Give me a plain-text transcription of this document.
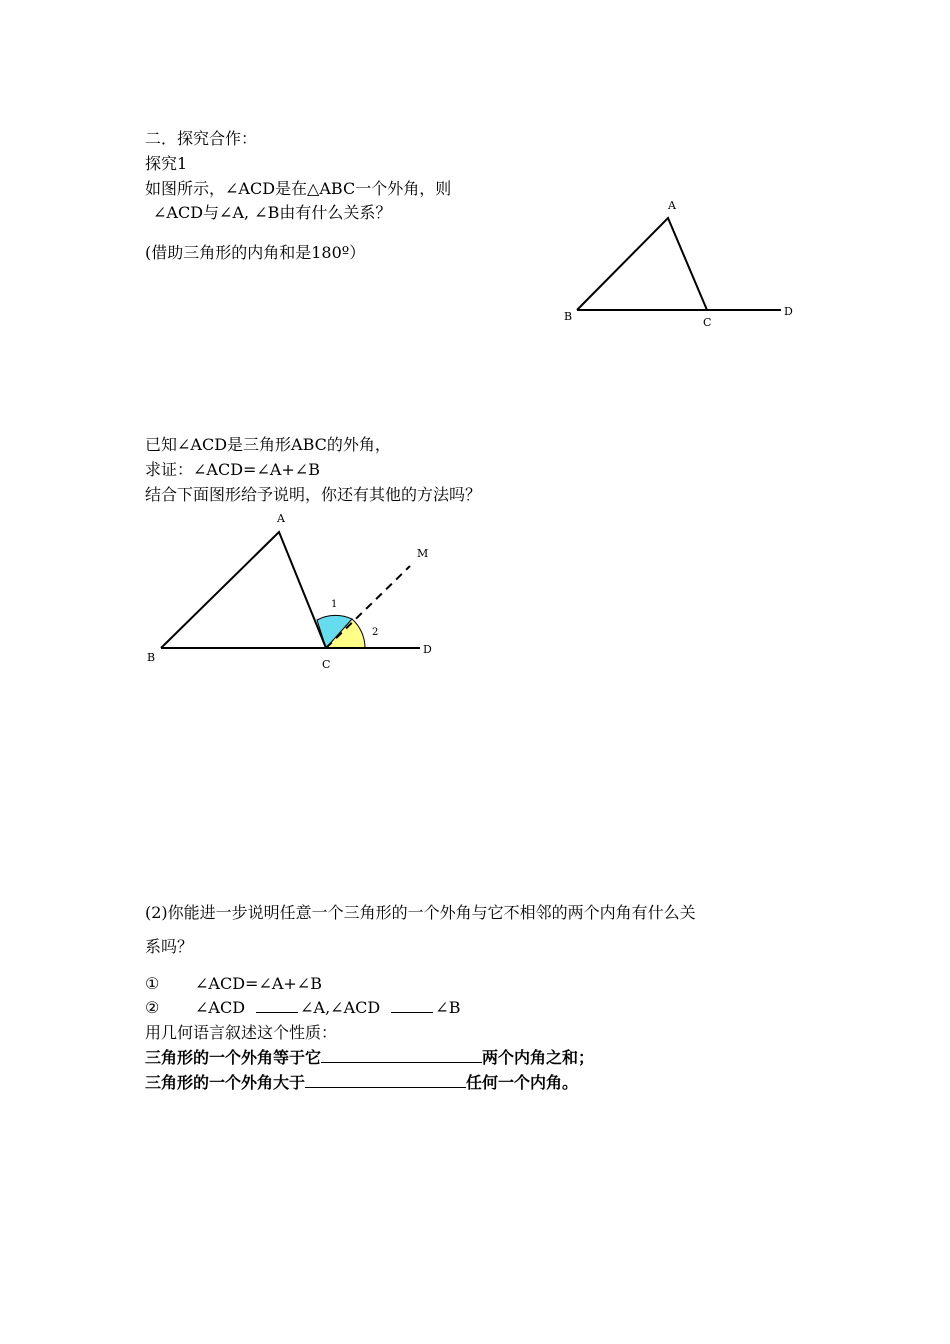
二．探究合作：
探究1
如图所示，∠ACD是在△ABC一个外角，则
∠ACD与∠A, ∠B由有什么关系？
(借助三角形的内角和是180º）
A
B	C
D
已知∠ACD是三角形ABC的外角，
求证：∠ACD=∠A+∠B
结合下面图形给予说明，你还有其他的方法吗？
A
B
C
D
M
1
2
(2)你能进一步说明任意一个三角形的一个外角与它不相邻的两个内角有什么关
系吗？
① ∠ACD=∠A+∠B
② ∠ACD	∠A,∠ACD	∠B
用几何语言叙述这个性质：
三角形的一个外角等于它	两个内角之和；
三角形的一个外角大于	任何一个内角。
